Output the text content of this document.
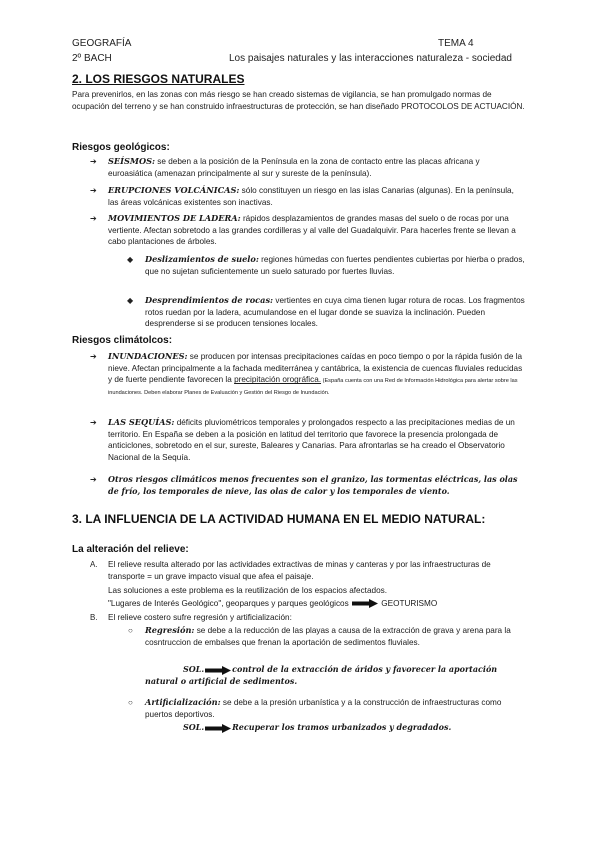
GEOGRAFÍA	TEMA 4
2º BACH	Los paisajes naturales y las interacciones naturaleza - sociedad
2. LOS RIESGOS NATURALES
Para prevenirlos, en las zonas con más riesgo se han creado sistemas de vigilancia, se han promulgado normas de ocupación del terreno y se han construido infraestructuras de protección, se han diseñado PROTOCOLOS DE ACTUACIÓN.
Riesgos geológicos:
➔ SEÍSMOS: se deben a la posición de la Península en la zona de contacto entre las placas africana y euroasiática (amenazan principalmente al sur y sureste de la península).
➔ ERUPCIONES VOLCÁNICAS: sólo constituyen un riesgo en las islas Canarias (algunas). En la península, las áreas volcánicas existentes son inactivas.
➔ MOVIMIENTOS DE LADERA: rápidos desplazamientos de grandes masas del suelo o de rocas por una vertiente. Afectan sobretodo a las grandes cordilleras y al valle del Guadalquivir. Para hacerles frente se llevan a cabo plantaciones de árboles.
◆ Deslizamientos de suelo: regiones húmedas con fuertes pendientes cubiertas por hierba o prados, que no sujetan suficientemente un suelo saturado por fuertes lluvias.
◆ Desprendimientos de rocas: vertientes en cuya cima tienen lugar rotura de rocas. Los fragmentos rotos ruedan por la ladera, acumulandose en el lugar donde se suaviza la inclinación. Pueden desprenderse si se producen tensiones locales.
Riesgos climátolcos:
➔ INUNDACIONES: se producen por intensas precipitaciones caídas en poco tiempo o por la rápida fusión de la nieve. Afectan principalmente a la fachada mediterránea y cantábrica, la existencia de cuencas fluviales reducidas y de fuerte pendiente favorecen la precipitación orográfica. (España cuenta con una Red de Información Hidrológica para alertar sobre las inundaciones. Deben elaborar Planes de Evaluación y Gestión del Riesgo de Inundación.
➔ LAS SEQUÍAS: déficits pluviométricos temporales y prolongados respecto a las precipitaciones medias de un territorio. En España se deben a la posición en latitud del territorio que favorece la presencia prolongada de anticiclones, sobretodo en el sur, sureste, Baleares y Canarias. Para afrontarlas se ha creado el Observatorio Nacional de la Sequía.
➔ Otros riesgos climáticos menos frecuentes son el granizo, las tormentas eléctricas, las olas de frío, los temporales de nieve, las olas de calor y los temporales de viento.
3. LA INFLUENCIA DE LA ACTIVIDAD HUMANA EN EL MEDIO NATURAL:
La alteración del relieve:
A. El relieve resulta alterado por las actividades extractivas de minas y canteras y por las infraestructuras de transporte = un grave impacto visual que afea el paisaje.
Las soluciones a este problema es la reutilización de los espacios afectados.
"Lugares de Interés Geológico", geoparques y parques geológicos	GEOTURISMO
B. El relieve costero sufre regresión y artificialización:
○ Regresión: se debe a la reducción de las playas a causa de la extracción de grava y arena para la cosntruccion de embalses que frenan la aportación de sedimentos fluviales.
SOL.	control de la extracción de áridos y favorecer la aportación natural o artificial de sedimentos.
○ Artificialización: se debe a la presión urbanística y a la construcción de infraestructuras como puertos deportivos.
SOL.	Recuperar los tramos urbanizados y degradados.
